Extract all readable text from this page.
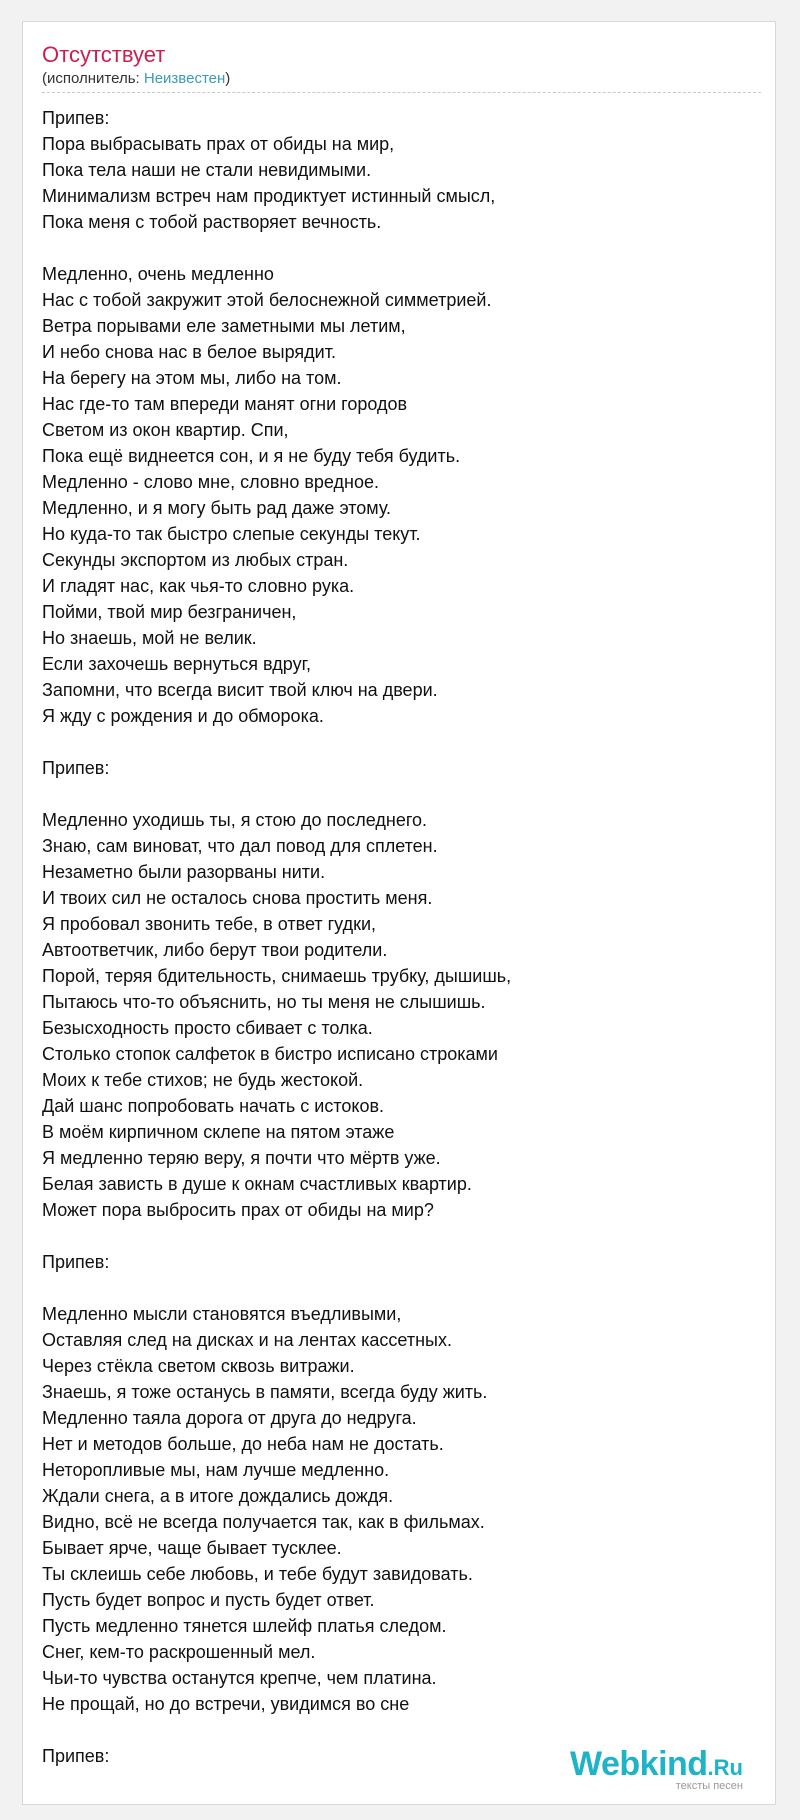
Отсутствует
(исполнитель: Неизвестен)
Припев:
Пора выбрасывать прах от обиды на мир,
Пока тела наши не стали невидимыми.
Минимализм встреч нам продиктует истинный смысл,
Пока меня с тобой растворяет вечность.
Медленно, очень медленно
Нас с тобой закружит этой белоснежной симметрией.
Ветра порывами еле заметными мы летим,
И небо снова нас в белое вырядит.
На берегу на этом мы, либо на том.
Нас где-то там впереди манят огни городов
Светом из окон квартир. Спи,
Пока ещё виднеется сон, и я не буду тебя будить.
Медленно - слово мне, словно вредное.
Медленно, и я могу быть рад даже этому.
Но куда-то так быстро слепые секунды текут.
Секунды экспортом из любых стран.
И гладят нас, как чья-то словно рука.
Пойми, твой мир безграничен,
Но знаешь, мой не велик.
Если захочешь вернуться вдруг,
Запомни, что всегда висит твой ключ на двери.
Я жду с рождения и до обморока.
Припев:
Медленно уходишь ты, я стою до последнего.
Знаю, сам виноват, что дал повод для сплетен.
Незаметно были разорваны нити.
И твоих сил не осталось снова простить меня.
Я пробовал звонить тебе, в ответ гудки,
Автоответчик, либо берут твои родители.
Порой, теряя бдительность, снимаешь трубку, дышишь,
Пытаюсь что-то объяснить, но ты меня не слышишь.
Безысходность просто сбивает с толка.
Столько стопок салфеток в бистро исписано строками
Моих к тебе стихов; не будь жестокой.
Дай шанс попробовать начать с истоков.
В моём кирпичном склепе на пятом этаже
Я медленно теряю веру, я почти что мёртв уже.
Белая зависть в душе к окнам счастливых квартир.
Может пора выбросить прах от обиды на мир?
Припев:
Медленно мысли становятся въедливыми,
Оставляя след на дисках и на лентах кассетных.
Через стёкла светом сквозь витражи.
Знаешь, я тоже останусь в памяти, всегда буду жить.
Медленно таяла дорога от друга до недруга.
Нет и методов больше, до неба нам не достать.
Неторопливые мы, нам лучше медленно.
Ждали снега, а в итоге дождались дождя.
Видно, всё не всегда получается так, как в фильмах.
Бывает ярче, чаще бывает тусклее.
Ты склеишь себе любовь, и тебе будут завидовать.
Пусть будет вопрос и пусть будет ответ.
Пусть медленно тянется шлейф платья следом.
Снег, кем-то раскрошенный мел.
Чьи-то чувства останутся крепче, чем платина.
Не прощай, но до встречи, увидимся во сне
Припев:	Webkind.Ru
тексты песен
